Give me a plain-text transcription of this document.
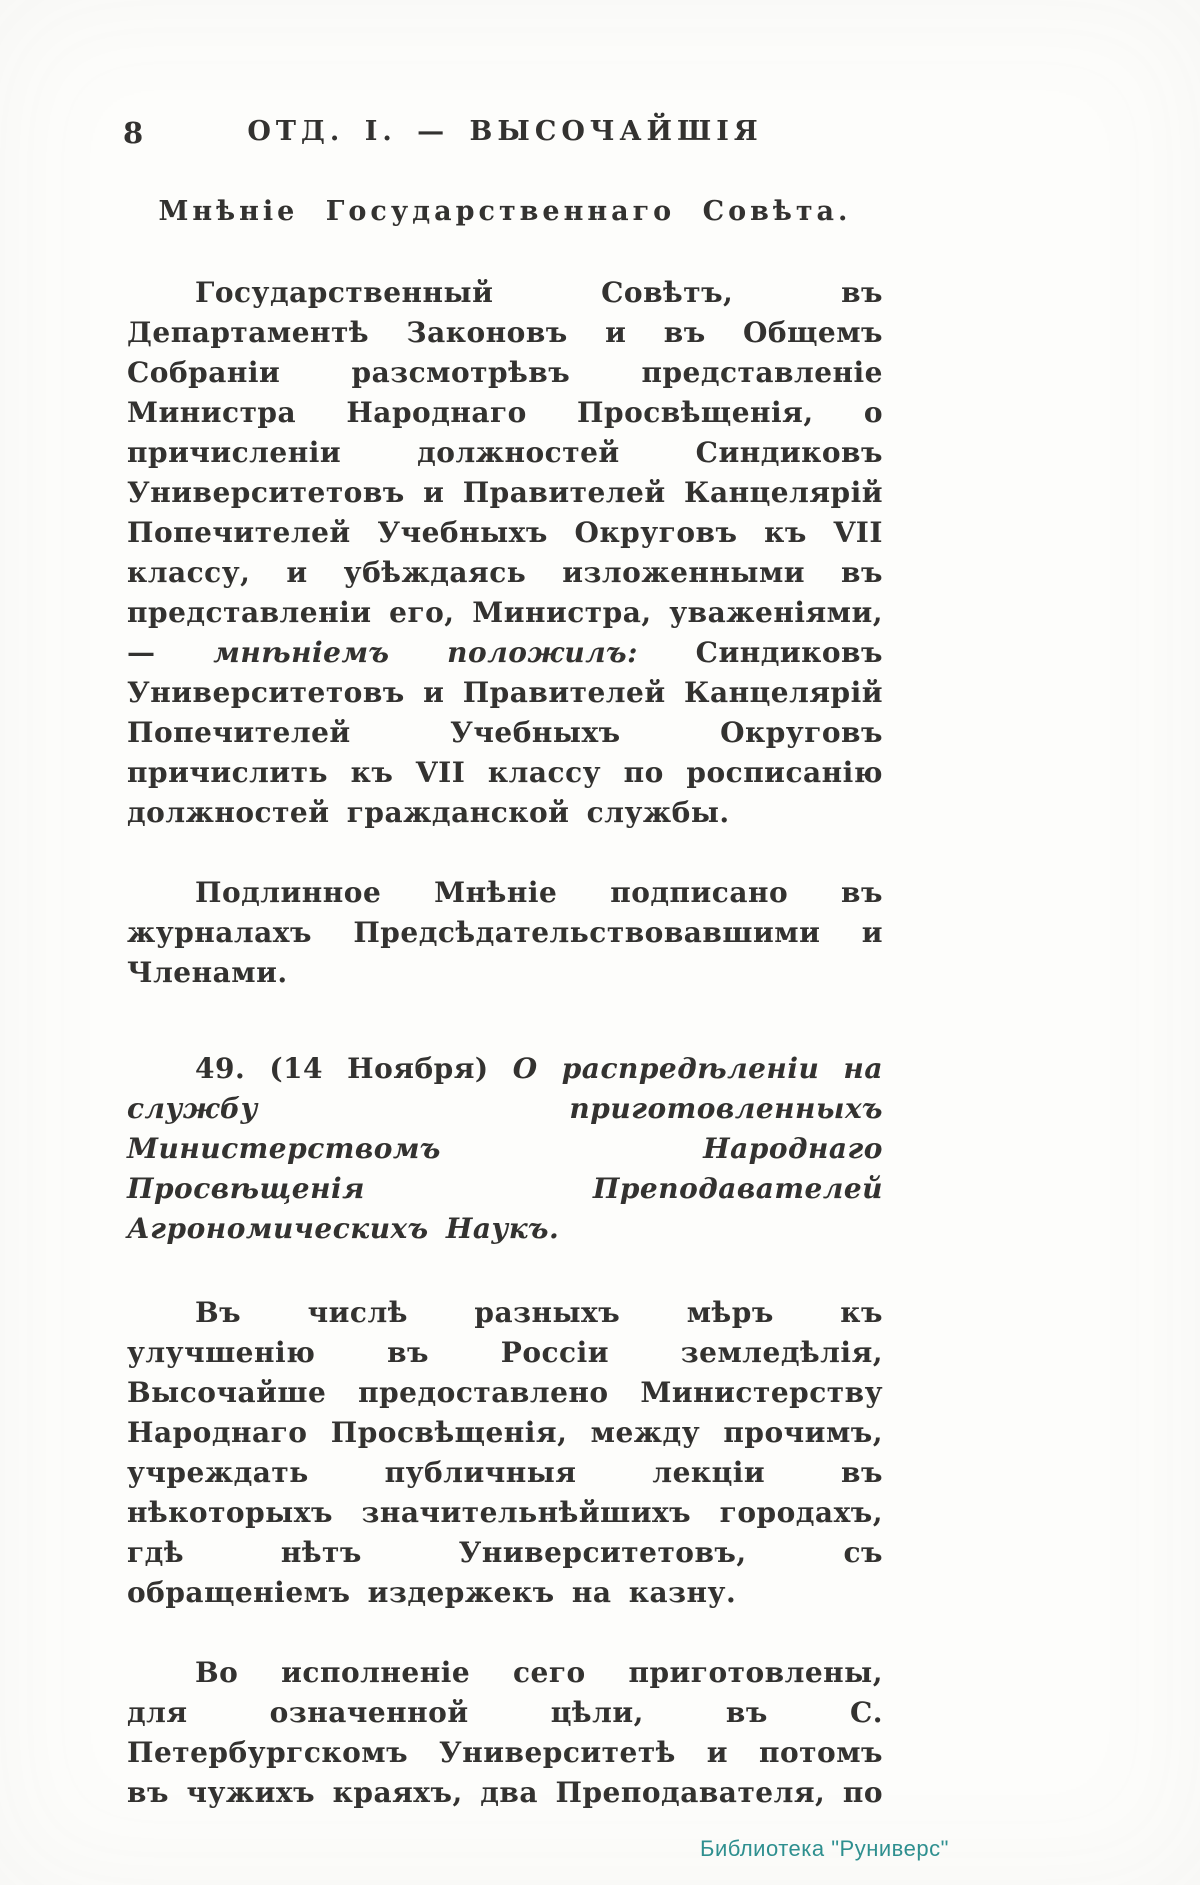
8	ОТД. I. — ВЫСОЧАЙШІЯ
Мнѣніе Государственнаго Совѣта.

Государственный Совѣтъ, въ Департаментѣ Законовъ и въ Общемъ Собраніи разсмотрѣвъ представленіе Министра Народнаго Просвѣщенія, о причисленіи должностей Синдиковъ Университетовъ и Правителей Канцелярій Попечителей Учебныхъ Округовъ къ VII классу, и убѣждаясь изложенными въ представленіи его, Министра, уваженіями,— мнѣніемъ положилъ: Синдиковъ Университетовъ и Правителей Канцелярій Попечителей Учебныхъ Округовъ причислить къ VII классу по росписанію должностей гражданской службы.

Подлинное Мнѣніе подписано въ журналахъ Предсѣдательствовавшими и Членами.

49. (14 Ноября) О распредѣленіи на службу приготовленныхъ Министерствомъ Народнаго Просвѣщенія Преподавателей Агрономическихъ Наукъ.

Въ числѣ разныхъ мѣръ къ улучшенію въ Россіи земледѣлія, Высочайше предоставлено Министерству Народнаго Просвѣщенія, между прочимъ, учреждать публичныя лекціи въ нѣкоторыхъ значительнѣйшихъ городахъ, гдѣ нѣтъ Университетовъ, съ обращеніемъ издержекъ на казну.

Во исполненіе сего приготовлены, для означенной цѣли, въ С. Петербургскомъ Университетѣ и потомъ въ чужихъ краяхъ, два Преподавателя, по

Библиотека "Руниверс"
